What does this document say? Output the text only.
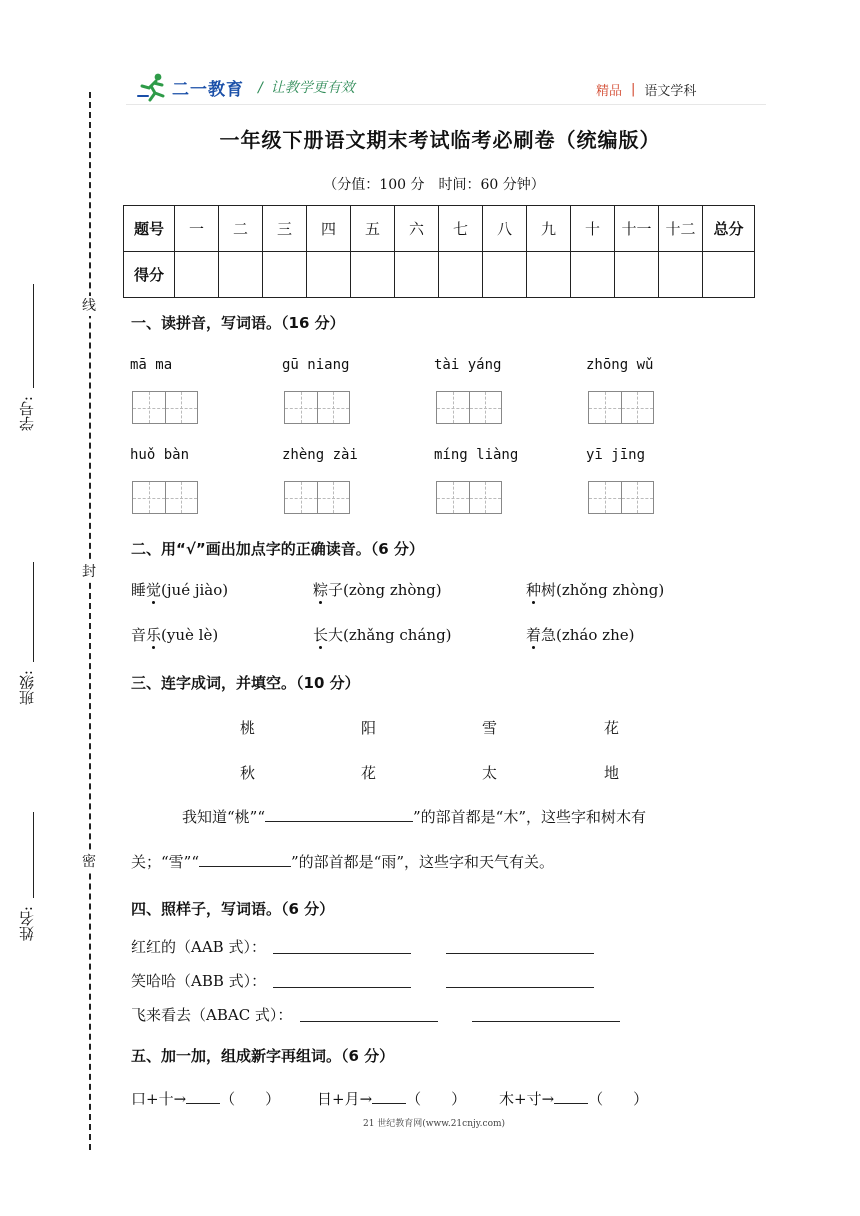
线
封
密
学号:
班级:
姓名:
二一教育 / 让教学更有效	精品 | 语文学科
一年级下册语文期末考试临考必刷卷（统编版）
（分值：100 分　时间：60 分钟）
题号	一	二	三	四	五	六	七	八	九	十	十一	十二	总分
得分													
一、读拼音，写词语。（16 分）
mā ma	gū niang	tài yáng	zhōng wǔ
huǒ bàn	zhèng zài	míng liàng	yī jīng
二、用“√”画出加点字的正确读音。（6 分）
睡觉(jué jiào)	粽子(zòng zhòng)	种树(zhǒng zhòng)
音乐(yuè lè)	长大(zhǎng cháng)	着急(zháo zhe)
三、连字成词，并填空。（10 分）
桃	阳	雪	花
秋	花	太	地
我知道“桃”“	”的部首都是“木”，这些字和树木有
关；“雪”“	”的部首都是“雨”，这些字和天气有关。
四、照样子，写词语。（6 分）
红红的（AAB 式）：
笑哈哈（ABB 式）：
飞来看去（ABAC 式）：
五、加一加，组成新字再组词。（6 分）
口+十→ （　　） 日+月→ （　　） 木+寸→ （　　）
21 世纪教育网(www.21cnjy.com)
